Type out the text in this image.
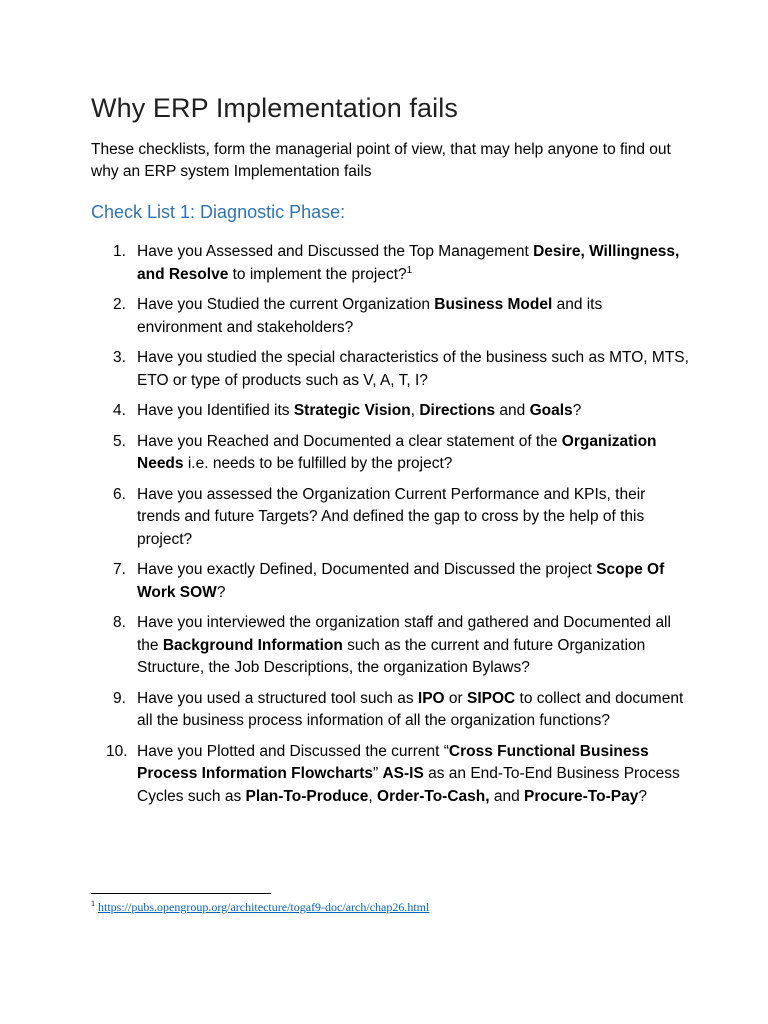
Why ERP Implementation fails

These checklists, form the managerial point of view, that may help anyone to find out why an ERP system Implementation fails

Check List 1: Diagnostic Phase:
1. Have you Assessed and Discussed the Top Management Desire, Willingness, and Resolve to implement the project?$^1$
2. Have you Studied the current Organization Business Model and its environment and stakeholders?
3. Have you studied the special characteristics of the business such as MTO, MTS, ETO or type of products such as V, A, T, I?
4. Have you Identified its Strategic Vision, Directions and Goals?
5. Have you Reached and Documented a clear statement of the Organization Needs i.e. needs to be fulfilled by the project?
6. Have you assessed the Organization Current Performance and KPIs, their trends and future Targets? And defined the gap to cross by the help of this project?
7. Have you exactly Defined, Documented and Discussed the project Scope Of Work SOW?
8. Have you interviewed the organization staff and gathered and Documented all the Background Information such as the current and future Organization Structure, the Job Descriptions, the organization Bylaws?
9. Have you used a structured tool such as IPO or SIPOC to collect and document all the business process information of all the organization functions?
10. Have you Plotted and Discussed the current “Cross Functional Business Process Information Flowcharts” AS-IS as an End-To-End Business Process Cycles such as Plan-To-Produce, Order-To-Cash, and Procure-To-Pay?

$^1$ https://pubs.opengroup.org/architecture/togaf9-doc/arch/chap26.html
